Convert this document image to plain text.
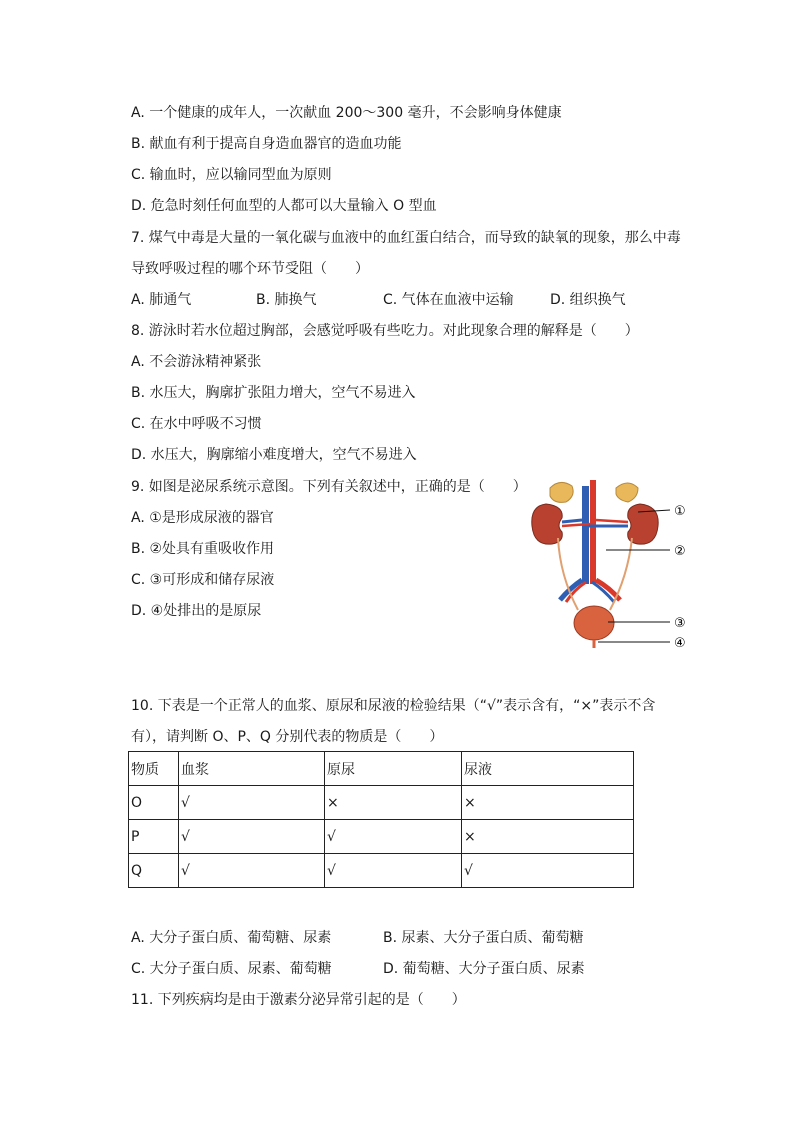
A. 一个健康的成年人，一次献血 200～300 毫升，不会影响身体健康
B. 献血有利于提高自身造血器官的造血功能
C. 输血时，应以输同型血为原则
D. 危急时刻任何血型的人都可以大量输入 O 型血
7. 煤气中毒是大量的一氧化碳与血液中的血红蛋白结合，而导致的缺氧的现象，那么中毒
导致呼吸过程的哪个环节受阻（　　）
A. 肺通气	B. 肺换气	C. 气体在血液中运输	D. 组织换气
8. 游泳时若水位超过胸部，会感觉呼吸有些吃力。对此现象合理的解释是（　　）
A. 不会游泳精神紧张
B. 水压大，胸廓扩张阻力增大，空气不易进入
C. 在水中呼吸不习惯
D. 水压大，胸廓缩小难度增大，空气不易进入
9. 如图是泌尿系统示意图。下列有关叙述中，正确的是（　　）
A. ①是形成尿液的器官
B. ②处具有重吸收作用
C. ③可形成和储存尿液
D. ④处排出的是原尿
①
②
③
④
10. 下表是一个正常人的血浆、原尿和尿液的检验结果（“√”表示含有，“×”表示不含
有），请判断 O、P、Q 分别代表的物质是（　　）
物质	血浆	原尿	尿液
O	√	×	×
P	√	√	×
Q	√	√	√
A. 大分子蛋白质、葡萄糖、尿素	B. 尿素、大分子蛋白质、葡萄糖
C. 大分子蛋白质、尿素、葡萄糖	D. 葡萄糖、大分子蛋白质、尿素
11. 下列疾病均是由于激素分泌异常引起的是（　　）
